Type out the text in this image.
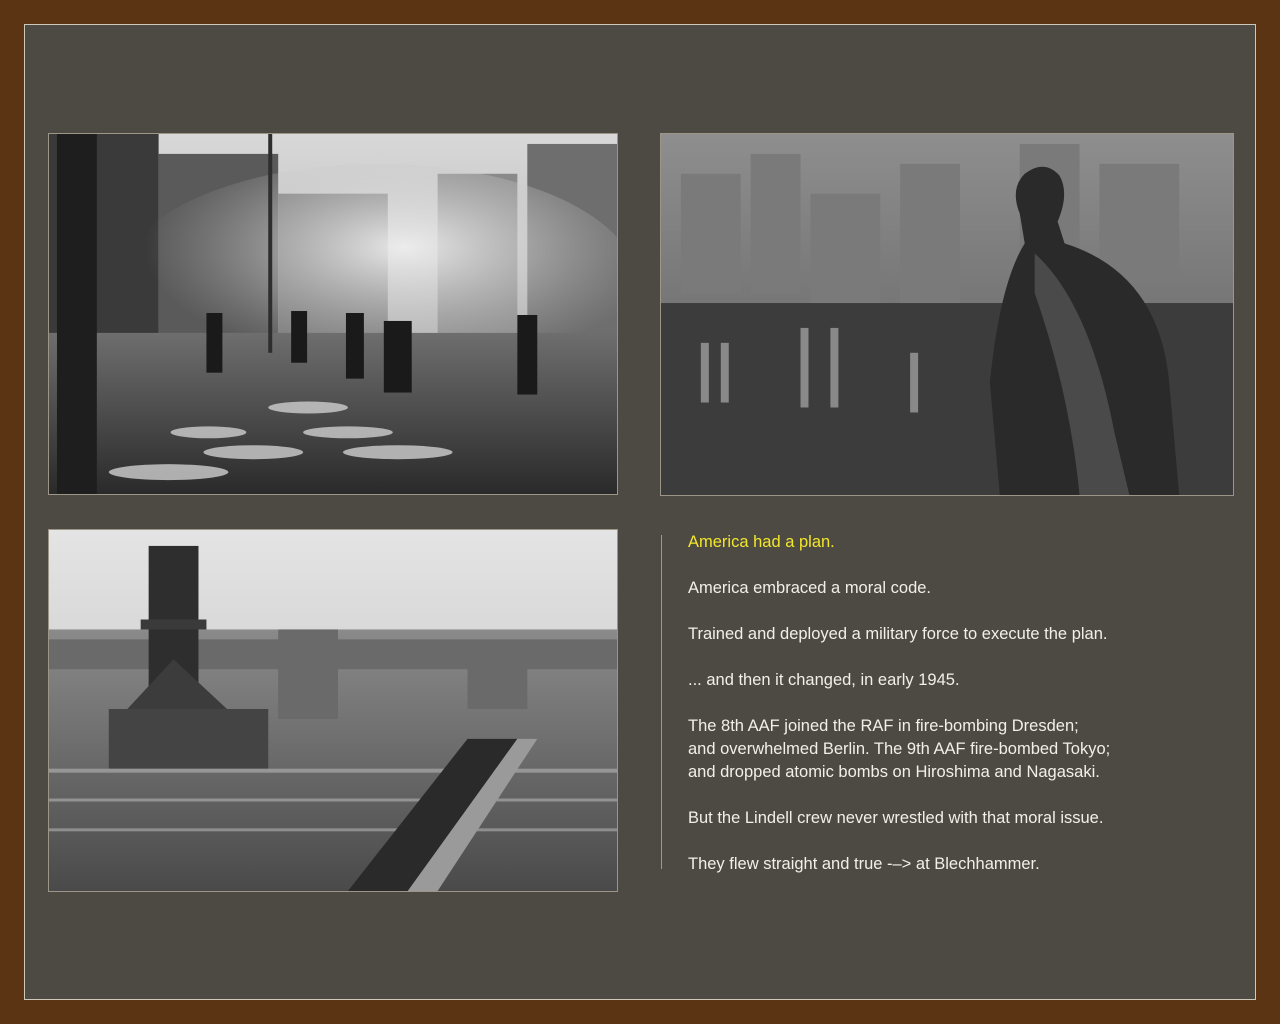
America had a plan.

America embraced a moral code.

Trained and deployed a military force to execute the plan.

... and then it changed, in early 1945.

The 8th AAF joined the RAF in fire-bombing Dresden;
and overwhelmed Berlin. The 9th AAF fire-bombed Tokyo;
and dropped atomic bombs on Hiroshima and Nagasaki.

But the Lindell crew never wrestled with that moral issue.

They flew straight and true -–> at Blechhammer.
